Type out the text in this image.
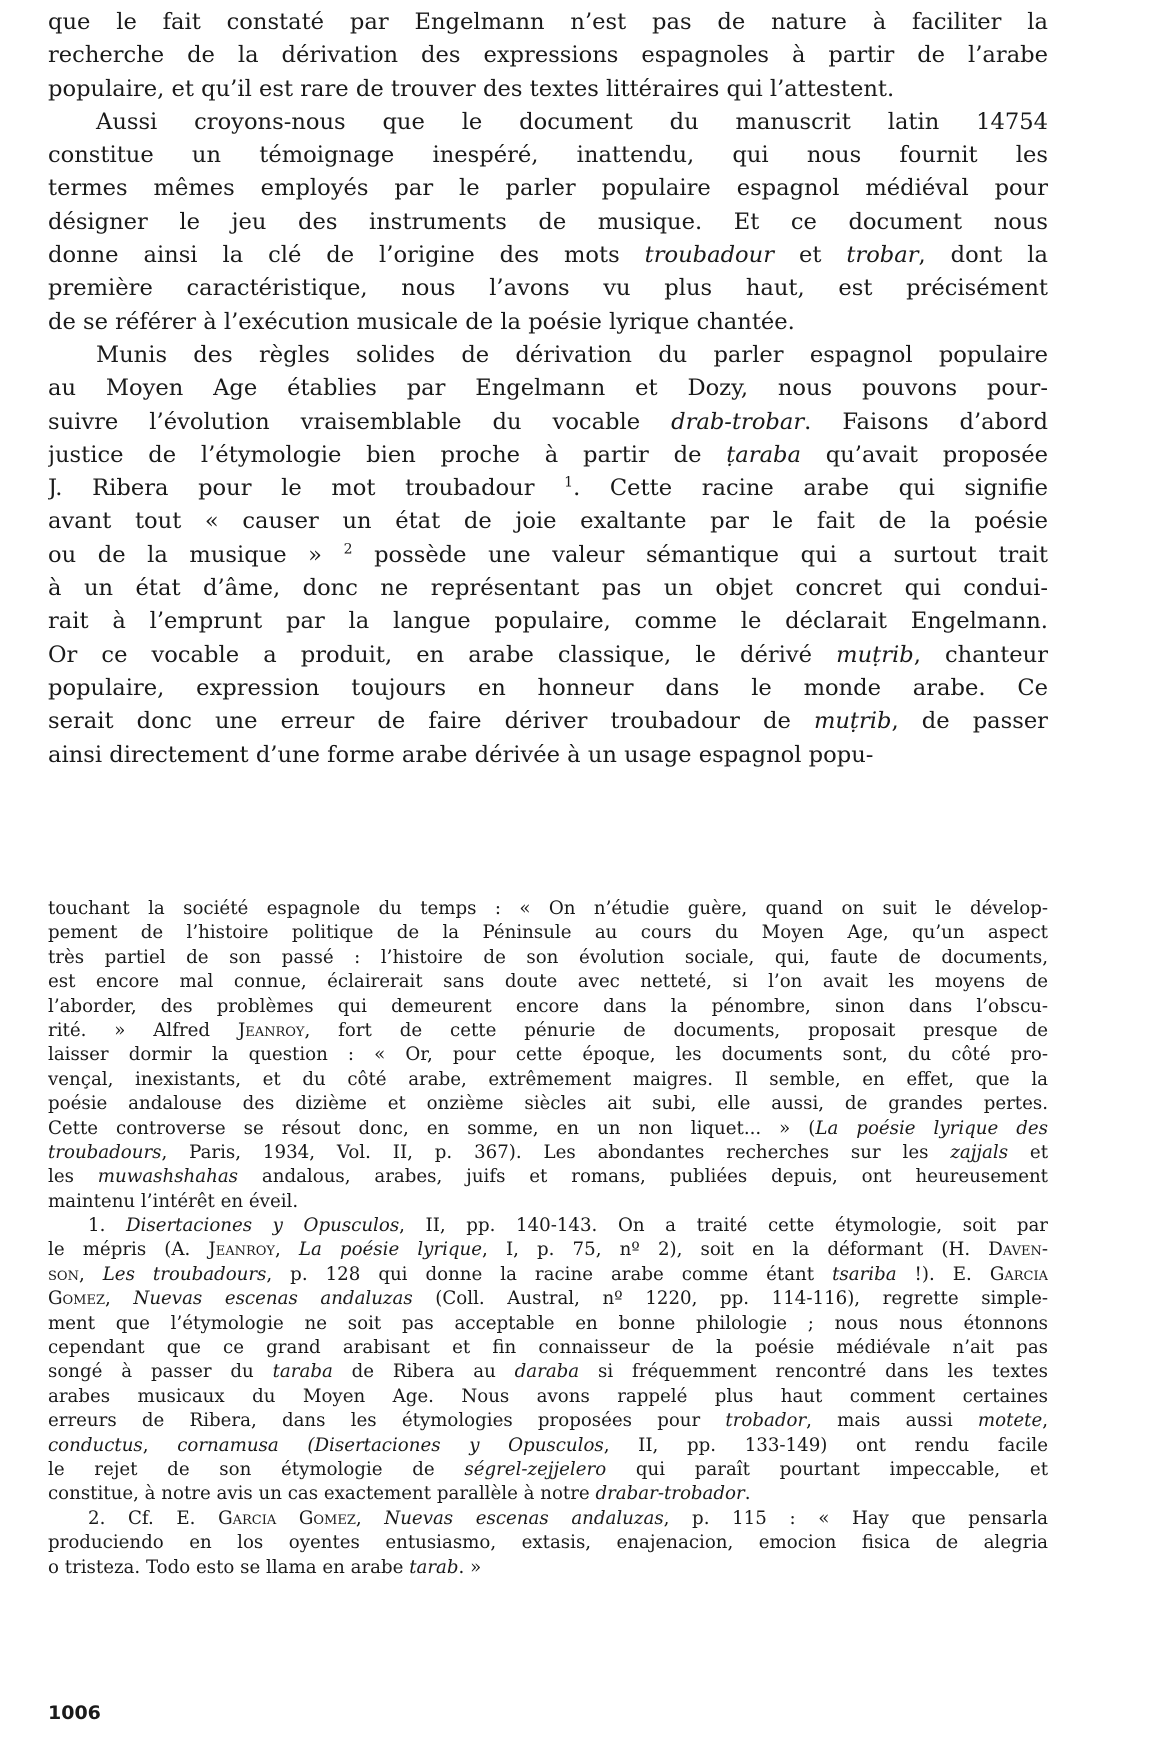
que le fait constaté par Engelmann n’est pas de nature à faciliter la
recherche de la dérivation des expressions espagnoles à partir de l’arabe
populaire, et qu’il est rare de trouver des textes littéraires qui l’attestent.
Aussi croyons-nous que le document du manuscrit latin 14754
constitue un témoignage inespéré, inattendu, qui nous fournit les
termes mêmes employés par le parler populaire espagnol médiéval pour
désigner le jeu des instruments de musique. Et ce document nous
donne ainsi la clé de l’origine des mots troubadour et trobar, dont la
première caractéristique, nous l’avons vu plus haut, est précisément
de se référer à l’exécution musicale de la poésie lyrique chantée.
Munis des règles solides de dérivation du parler espagnol populaire
au Moyen Age établies par Engelmann et Dozy, nous pouvons pour-
suivre l’évolution vraisemblable du vocable drab-trobar. Faisons d’abord
justice de l’étymologie bien proche à partir de ṭaraba qu’avait proposée
J. Ribera pour le mot troubadour $^1$. Cette racine arabe qui signifie
avant tout « causer un état de joie exaltante par le fait de la poésie
ou de la musique » $^2$ possède une valeur sémantique qui a surtout trait
à un état d’âme, donc ne représentant pas un objet concret qui condui-
rait à l’emprunt par la langue populaire, comme le déclarait Engelmann.
Or ce vocable a produit, en arabe classique, le dérivé muṭrib, chanteur
populaire, expression toujours en honneur dans le monde arabe. Ce
serait donc une erreur de faire dériver troubadour de muṭrib, de passer
ainsi directement d’une forme arabe dérivée à un usage espagnol popu-
touchant la société espagnole du temps : « On n’étudie guère, quand on suit le dévelop-
pement de l’histoire politique de la Péninsule au cours du Moyen Age, qu’un aspect
très partiel de son passé : l’histoire de son évolution sociale, qui, faute de documents,
est encore mal connue, éclairerait sans doute avec netteté, si l’on avait les moyens de
l’aborder, des problèmes qui demeurent encore dans la pénombre, sinon dans l’obscu-
rité. » Alfred Jeanroy, fort de cette pénurie de documents, proposait presque de
laisser dormir la question : « Or, pour cette époque, les documents sont, du côté pro-
vençal, inexistants, et du côté arabe, extrêmement maigres. Il semble, en effet, que la
poésie andalouse des dizième et onzième siècles ait subi, elle aussi, de grandes pertes.
Cette controverse se résout donc, en somme, en un non liquet... » (La poésie lyrique des
troubadours, Paris, 1934, Vol. II, p. 367). Les abondantes recherches sur les zajjals et
les muwashshahas andalous, arabes, juifs et romans, publiées depuis, ont heureusement
maintenu l’intérêt en éveil.
1. Disertaciones y Opusculos, II, pp. 140-143. On a traité cette étymologie, soit par
le mépris (A. Jeanroy, La poésie lyrique, I, p. 75, nº 2), soit en la déformant (H. Daven-
son, Les troubadours, p. 128 qui donne la racine arabe comme étant tsariba !). E. Garcia
Gomez, Nuevas escenas andaluzas (Coll. Austral, nº 1220, pp. 114-116), regrette simple-
ment que l’étymologie ne soit pas acceptable en bonne philologie ; nous nous étonnons
cependant que ce grand arabisant et fin connaisseur de la poésie médiévale n’ait pas
songé à passer du taraba de Ribera au daraba si fréquemment rencontré dans les textes
arabes musicaux du Moyen Age. Nous avons rappelé plus haut comment certaines
erreurs de Ribera, dans les étymologies proposées pour trobador, mais aussi motete,
conductus, cornamusa (Disertaciones y Opusculos, II, pp. 133-149) ont rendu facile
le rejet de son étymologie de ségrel-zejjelero qui paraît pourtant impeccable, et
constitue, à notre avis un cas exactement parallèle à notre drabar-trobador.
2. Cf. E. Garcia Gomez, Nuevas escenas andaluzas, p. 115 : « Hay que pensarla
produciendo en los oyentes entusiasmo, extasis, enajenacion, emocion fisica de alegria
o tristeza. Todo esto se llama en arabe tarab. »
1006
